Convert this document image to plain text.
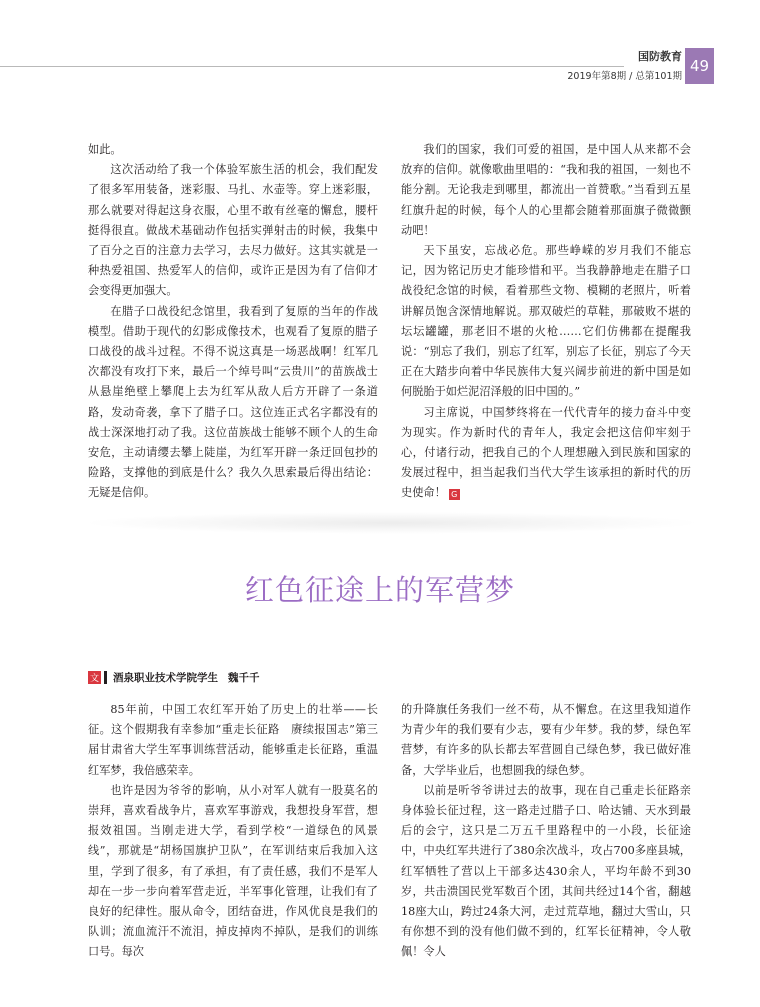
国防教育
2019年第8期 / 总第101期
49

如此。

这次活动给了我一个体验军旅生活的机会，我们配发了很多军用装备，迷彩服、马扎、水壶等。穿上迷彩服，那么就要对得起这身衣服，心里不敢有丝毫的懈怠，腰杆挺得很直。做战术基础动作包括实弹射击的时候，我集中了百分之百的注意力去学习，去尽力做好。这其实就是一种热爱祖国、热爱军人的信仰，或许正是因为有了信仰才会变得更加强大。

在腊子口战役纪念馆里，我看到了复原的当年的作战模型。借助于现代的幻影成像技术，也观看了复原的腊子口战役的战斗过程。不得不说这真是一场恶战啊！红军几次都没有攻打下来，最后一个绰号叫“云贵川”的苗族战士从悬崖绝壁上攀爬上去为红军从敌人后方开辟了一条道路，发动奇袭，拿下了腊子口。这位连正式名字都没有的战士深深地打动了我。这位苗族战士能够不顾个人的生命安危，主动请缨去攀上陡崖，为红军开辟一条迂回包抄的险路，支撑他的到底是什么？我久久思索最后得出结论：无疑是信仰。

我们的国家，我们可爱的祖国，是中国人从来都不会放弃的信仰。就像歌曲里唱的：“我和我的祖国，一刻也不能分割。无论我走到哪里，都流出一首赞歌。”当看到五星红旗升起的时候，每个人的心里都会随着那面旗子微微颤动吧！

天下虽安，忘战必危。那些峥嵘的岁月我们不能忘记，因为铭记历史才能珍惜和平。当我静静地走在腊子口战役纪念馆的时候，看着那些文物、模糊的老照片，听着讲解员饱含深情地解说。那双破烂的草鞋，那破败不堪的坛坛罐罐，那老旧不堪的火枪……它们仿佛都在提醒我说：“别忘了我们，别忘了红军，别忘了长征，别忘了今天正在大踏步向着中华民族伟大复兴阔步前进的新中国是如何脱胎于如烂泥沼泽般的旧中国的。”

习主席说，中国梦终将在一代代青年的接力奋斗中变为现实。作为新时代的青年人，我定会把这信仰牢刻于心，付诸行动，把我自己的个人理想融入到民族和国家的发展过程中，担当起我们当代大学生该承担的新时代的历史使命！ G

红色征途上的军营梦
文 酒泉职业技术学院学生 魏千千

85年前，中国工农红军开始了历史上的壮举——长征。这个假期我有幸参加“重走长征路　赓续报国志”第三届甘肃省大学生军事训练营活动，能够重走长征路，重温红军梦，我倍感荣幸。

也许是因为爷爷的影响，从小对军人就有一股莫名的崇拜，喜欢看战争片，喜欢军事游戏，我想投身军营，想报效祖国。当刚走进大学，看到学校“一道绿色的风景线”，那就是“胡杨国旗护卫队”，在军训结束后我加入这里，学到了很多，有了承担，有了责任感，我们不是军人却在一步一步向着军营走近，半军事化管理，让我们有了良好的纪律性。服从命令，团结奋进，作风优良是我们的队训；流血流汗不流泪，掉皮掉肉不掉队，是我们的训练口号。每次

的升降旗任务我们一丝不苟，从不懈怠。在这里我知道作为青少年的我们要有少志，要有少年梦。我的梦，绿色军营梦，有许多的队长都去军营圆自己绿色梦，我已做好准备，大学毕业后，也想圆我的绿色梦。

以前是听爷爷讲过去的故事，现在自己重走长征路亲身体验长征过程，这一路走过腊子口、哈达铺、天水到最后的会宁，这只是二万五千里路程中的一小段，长征途中，中央红军共进行了380余次战斗，攻占700多座县城，红军牺牲了营以上干部多达430余人，平均年龄不到30岁，共击溃国民党军数百个团，其间共经过14个省，翻越18座大山，跨过24条大河，走过荒草地，翻过大雪山，只有你想不到的没有他们做不到的，红军长征精神，令人敬佩！令人
